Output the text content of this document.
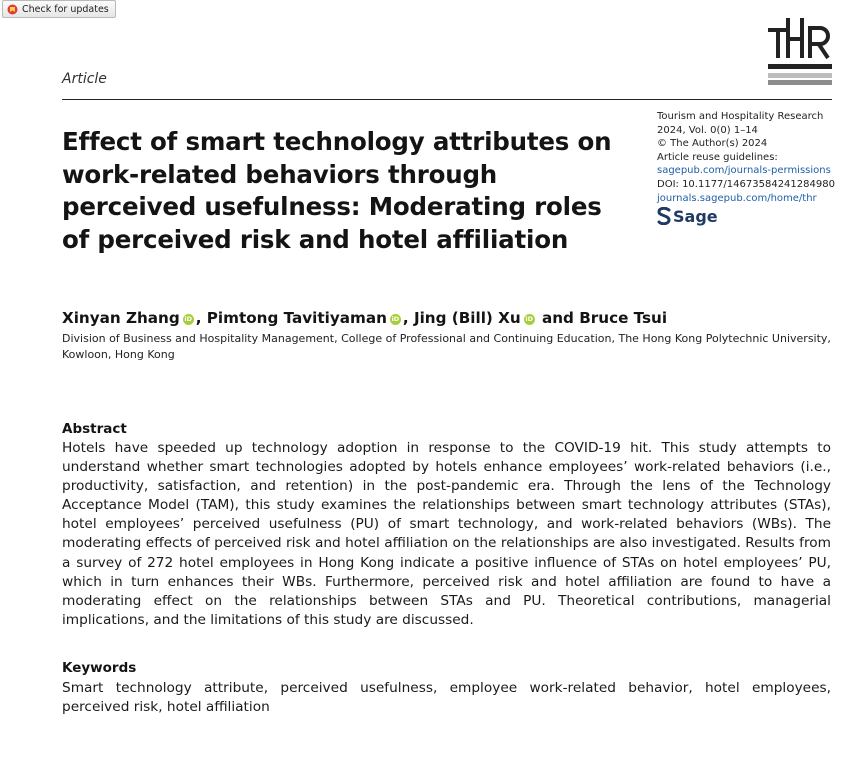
Check for updates
Article
Effect of smart technology attributes on work-related behaviors through perceived usefulness: Moderating roles of perceived risk and hotel affiliation
Tourism and Hospitality Research
2024, Vol. 0(0) 1–14
© The Author(s) 2024
Article reuse guidelines:
sagepub.com/journals-permissions
DOI: 10.1177/14673584241284980
journals.sagepub.com/home/thr
Sage
Xinyan Zhang iD , Pimtong Tavitiyaman iD , Jing (Bill) Xu iD and Bruce Tsui
Division of Business and Hospitality Management, College of Professional and Continuing Education, The Hong Kong Polytechnic University, Kowloon, Hong Kong
Abstract

Hotels have speeded up technology adoption in response to the COVID-19 hit. This study attempts to understand whether smart technologies adopted by hotels enhance employees’ work-related behaviors (i.e., productivity, satisfaction, and retention) in the post-pandemic era. Through the lens of the Technology Acceptance Model (TAM), this study examines the relationships between smart technology attributes (STAs), hotel employees’ perceived usefulness (PU) of smart technology, and work-related behaviors (WBs). The moderating effects of perceived risk and hotel affiliation on the relationships are also investigated. Results from a survey of 272 hotel employees in Hong Kong indicate a positive influence of STAs on hotel employees’ PU, which in turn enhances their WBs. Furthermore, perceived risk and hotel affiliation are found to have a moderating effect on the relationships between STAs and PU. Theoretical contributions, managerial implications, and the limitations of this study are discussed.

Keywords

Smart technology attribute, perceived usefulness, employee work-related behavior, hotel employees, perceived risk, hotel affiliation
